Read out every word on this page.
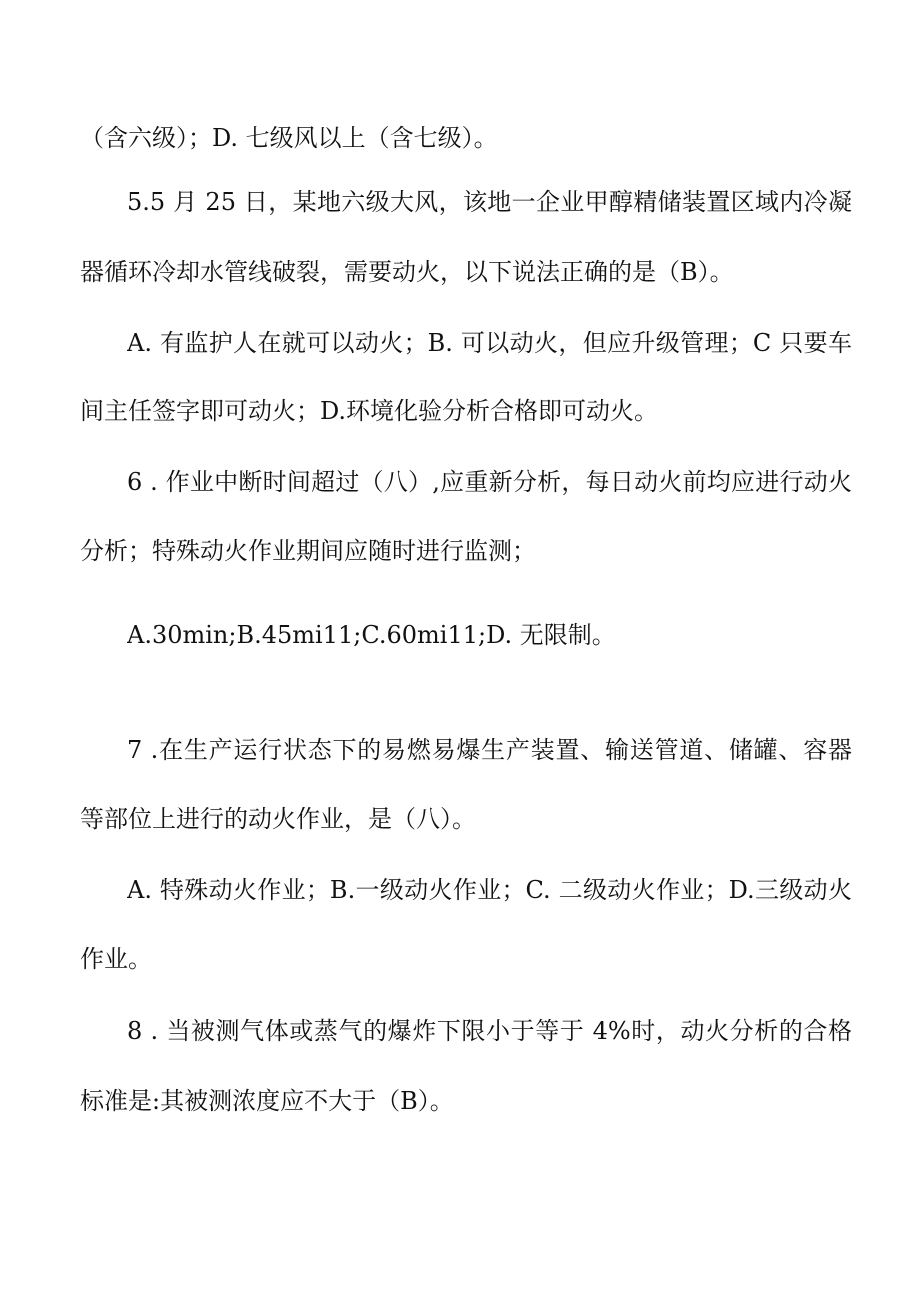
（含六级）；D. 七级风以上（含七级）。
5.5 月 25 日，某地六级大风，该地一企业甲醇精储装置区域内冷凝
器循环冷却水管线破裂，需要动火，以下说法正确的是（B）。
A. 有监护人在就可以动火；B. 可以动火，但应升级管理；C 只要车
间主任签字即可动火；D.环境化验分析合格即可动火。
6 . 作业中断时间超过（八）,应重新分析，每日动火前均应进行动火
分析；特殊动火作业期间应随时进行监测；
A.30min;B.45mi11;C.60mi11;D. 无限制。
7 .在生产运行状态下的易燃易爆生产装置、输送管道、储罐、容器
等部位上进行的动火作业，是（八）。
A. 特殊动火作业；B.一级动火作业；C. 二级动火作业；D.三级动火
作业。
8 . 当被测气体或蒸气的爆炸下限小于等于 4%时，动火分析的合格
标准是:其被测浓度应不大于（B）。
